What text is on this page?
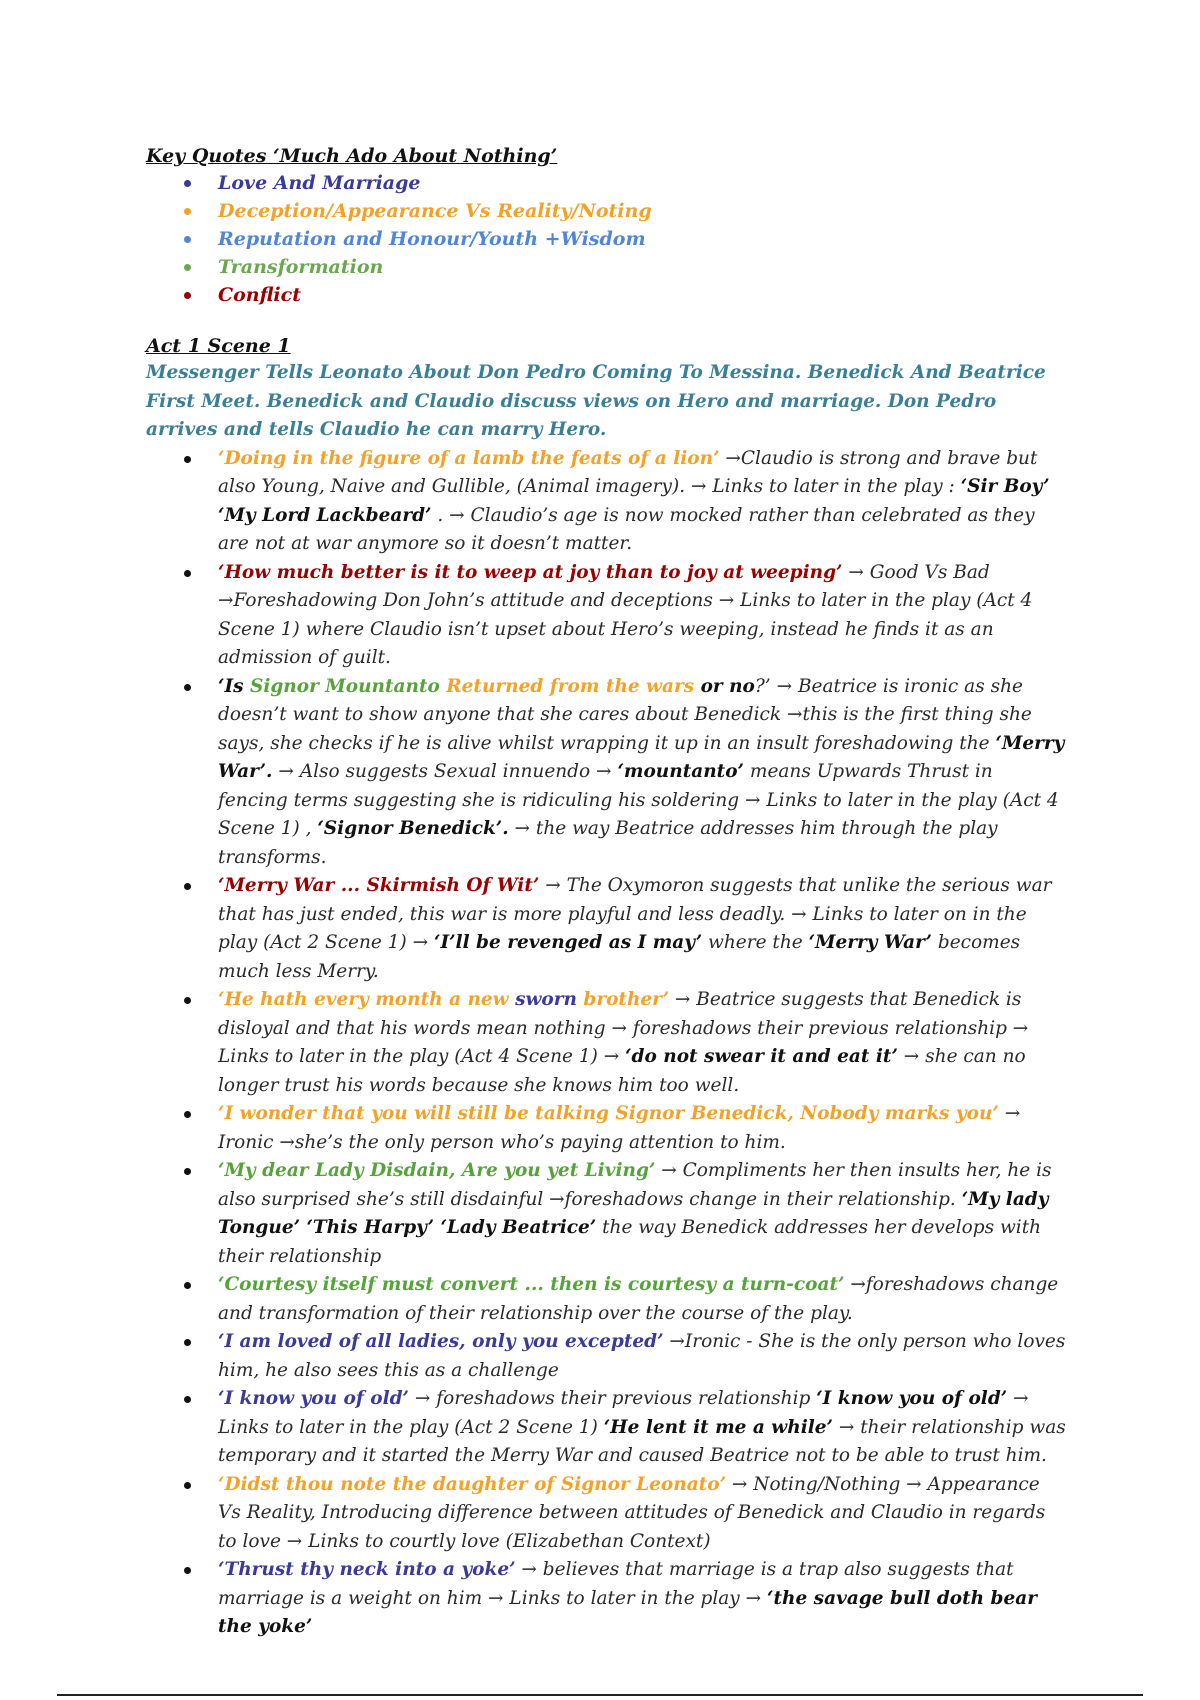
Key Quotes ‘Much Ado About Nothing’
Love And Marriage
Deception/Appearance Vs Reality/Noting
Reputation and Honour/Youth +Wisdom
Transformation
Conflict
Act 1 Scene 1

Messenger Tells Leonato About Don Pedro Coming To Messina. Benedick And Beatrice First Meet. Benedick and Claudio discuss views on Hero and marriage. Don Pedro arrives and tells Claudio he can marry Hero.

‘Doing in the figure of a lamb the feats of a lion’ →Claudio is strong and brave but also Young, Naive and Gullible, (Animal imagery). → Links to later in the play : ‘Sir Boy’ ‘My Lord Lackbeard’ . → Claudio’s age is now mocked rather than celebrated as they are not at war anymore so it doesn’t matter.
‘How much better is it to weep at joy than to joy at weeping’ → Good Vs Bad →Foreshadowing Don John’s attitude and deceptions → Links to later in the play (Act 4 Scene 1) where Claudio isn’t upset about Hero’s weeping, instead he finds it as an admission of guilt.
‘Is Signor Mountanto Returned from the wars or no?’ → Beatrice is ironic as she doesn’t want to show anyone that she cares about Benedick →this is the first thing she says, she checks if he is alive whilst wrapping it up in an insult foreshadowing the ‘Merry War’. → Also suggests Sexual innuendo → ‘mountanto’ means Upwards Thrust in fencing terms suggesting she is ridiculing his soldering → Links to later in the play (Act 4 Scene 1) , ‘Signor Benedick’. → the way Beatrice addresses him through the play transforms.
‘Merry War ... Skirmish Of Wit’ → The Oxymoron suggests that unlike the serious war that has just ended, this war is more playful and less deadly. → Links to later on in the play (Act 2 Scene 1) → ‘I’ll be revenged as I may’ where the ‘Merry War’ becomes much less Merry.
‘He hath every month a new sworn brother’ → Beatrice suggests that Benedick is disloyal and that his words mean nothing → foreshadows their previous relationship → Links to later in the play (Act 4 Scene 1) → ‘do not swear it and eat it’ → she can no longer trust his words because she knows him too well.
‘I wonder that you will still be talking Signor Benedick, Nobody marks you’ → Ironic →she’s the only person who’s paying attention to him.
‘My dear Lady Disdain, Are you yet Living’ → Compliments her then insults her, he is also surprised she’s still disdainful →foreshadows change in their relationship. ‘My lady Tongue’ ‘This Harpy’ ‘Lady Beatrice’ the way Benedick addresses her develops with their relationship
‘Courtesy itself must convert ... then is courtesy a turn-coat’ →foreshadows change and transformation of their relationship over the course of the play.
‘I am loved of all ladies, only you excepted’ →Ironic - She is the only person who loves him, he also sees this as a challenge
‘I know you of old’ → foreshadows their previous relationship ‘I know you of old’ → Links to later in the play (Act 2 Scene 1) ‘He lent it me a while’ → their relationship was temporary and it started the Merry War and caused Beatrice not to be able to trust him.
‘Didst thou note the daughter of Signor Leonato’ → Noting/Nothing → Appearance Vs Reality, Introducing difference between attitudes of Benedick and Claudio in regards to love → Links to courtly love (Elizabethan Context)
‘Thrust thy neck into a yoke’ → believes that marriage is a trap also suggests that marriage is a weight on him → Links to later in the play → ‘the savage bull doth bear the yoke’
